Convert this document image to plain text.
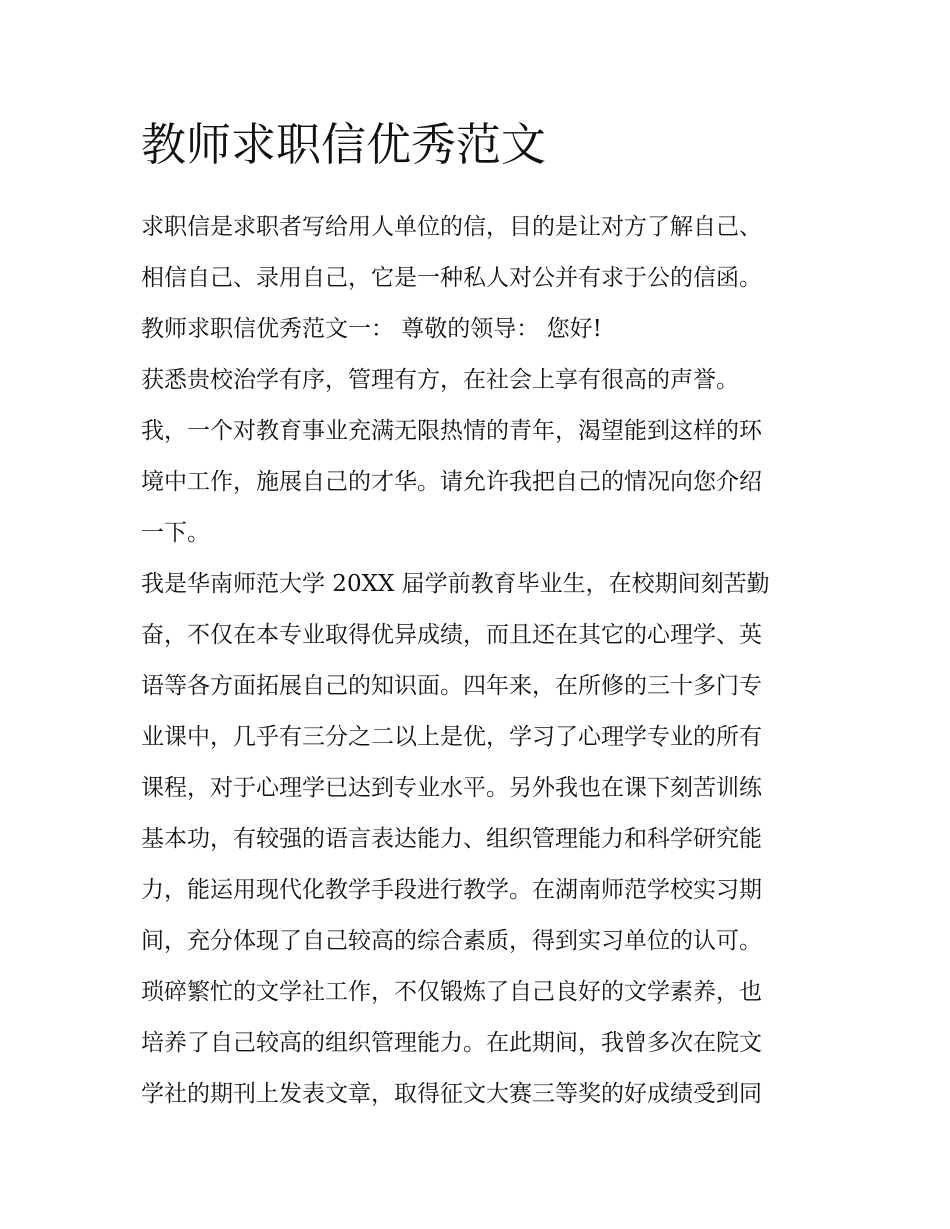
教师求职信优秀范文
求职信是求职者写给用人单位的信，目的是让对方了解自己、
相信自己、录用自己，它是一种私人对公并有求于公的信函。
教师求职信优秀范文一： 尊敬的领导： 您好!
获悉贵校治学有序，管理有方，在社会上享有很高的声誉。
我，一个对教育事业充满无限热情的青年，渴望能到这样的环
境中工作，施展自己的才华。请允许我把自己的情况向您介绍
一下。
我是华南师范大学 20XX 届学前教育毕业生，在校期间刻苦勤
奋，不仅在本专业取得优异成绩，而且还在其它的心理学、英
语等各方面拓展自己的知识面。四年来，在所修的三十多门专
业课中，几乎有三分之二以上是优，学习了心理学专业的所有
课程，对于心理学已达到专业水平。另外我也在课下刻苦训练
基本功，有较强的语言表达能力、组织管理能力和科学研究能
力，能运用现代化教学手段进行教学。在湖南师范学校实习期
间，充分体现了自己较高的综合素质，得到实习单位的认可。
琐碎繁忙的文学社工作，不仅锻炼了自己良好的文学素养，也
培养了自己较高的组织管理能力。在此期间，我曾多次在院文
学社的期刊上发表文章，取得征文大赛三等奖的好成绩受到同
